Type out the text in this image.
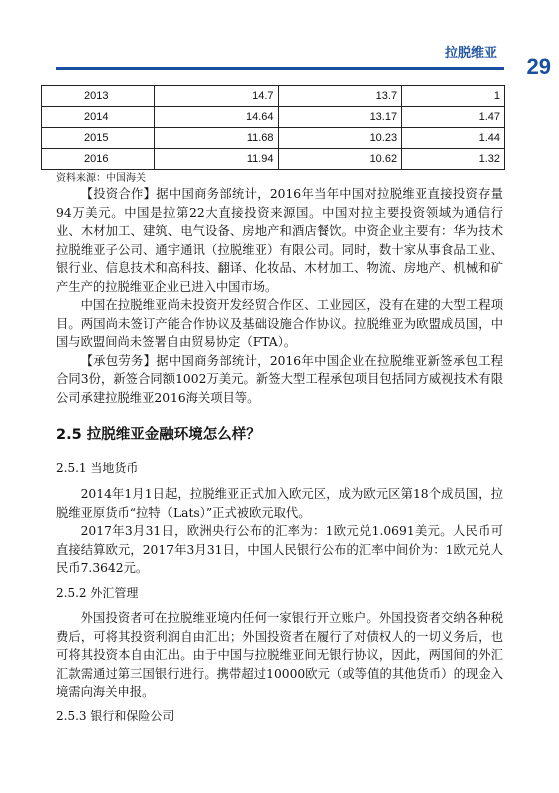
拉脱维亚
29
2013	14.7	13.7	1
2014	14.64	13.17	1.47
2015	11.68	10.23	1.44
2016	11.94	10.62	1.32
资料来源：中国海关

【投资合作】据中国商务部统计，2016年当年中国对拉脱维亚直接投资存量94万美元。中国是拉第22大直接投资来源国。中国对拉主要投资领域为通信行业、木材加工、建筑、电气设备、房地产和酒店餐饮。中资企业主要有：华为技术拉脱维亚子公司、通宇通讯（拉脱维亚）有限公司。同时，数十家从事食品工业、银行业、信息技术和高科技、翻译、化妆品、木材加工、物流、房地产、机械和矿产生产的拉脱维亚企业已进入中国市场。

中国在拉脱维亚尚未投资开发经贸合作区、工业园区，没有在建的大型工程项目。两国尚未签订产能合作协议及基础设施合作协议。拉脱维亚为欧盟成员国，中国与欧盟间尚未签署自由贸易协定（FTA）。

【承包劳务】据中国商务部统计，2016年中国企业在拉脱维亚新签承包工程合同3份，新签合同额1002万美元。新签大型工程承包项目包括同方威视技术有限公司承建拉脱维亚2016海关项目等。

2.5 拉脱维亚金融环境怎么样？
2.5.1 当地货币

2014年1月1日起，拉脱维亚正式加入欧元区，成为欧元区第18个成员国，拉脱维亚原货币“拉特（Lats）”正式被欧元取代。

2017年3月31日，欧洲央行公布的汇率为：1欧元兑1.0691美元。人民币可直接结算欧元，2017年3月31日，中国人民银行公布的汇率中间价为：1欧元兑人民币7.3642元。

2.5.2 外汇管理

外国投资者可在拉脱维亚境内任何一家银行开立账户。外国投资者交纳各种税费后，可将其投资利润自由汇出；外国投资者在履行了对债权人的一切义务后，也可将其投资本自由汇出。由于中国与拉脱维亚间无银行协议，因此，两国间的外汇汇款需通过第三国银行进行。携带超过10000欧元（或等值的其他货币）的现金入境需向海关申报。

2.5.3 银行和保险公司
